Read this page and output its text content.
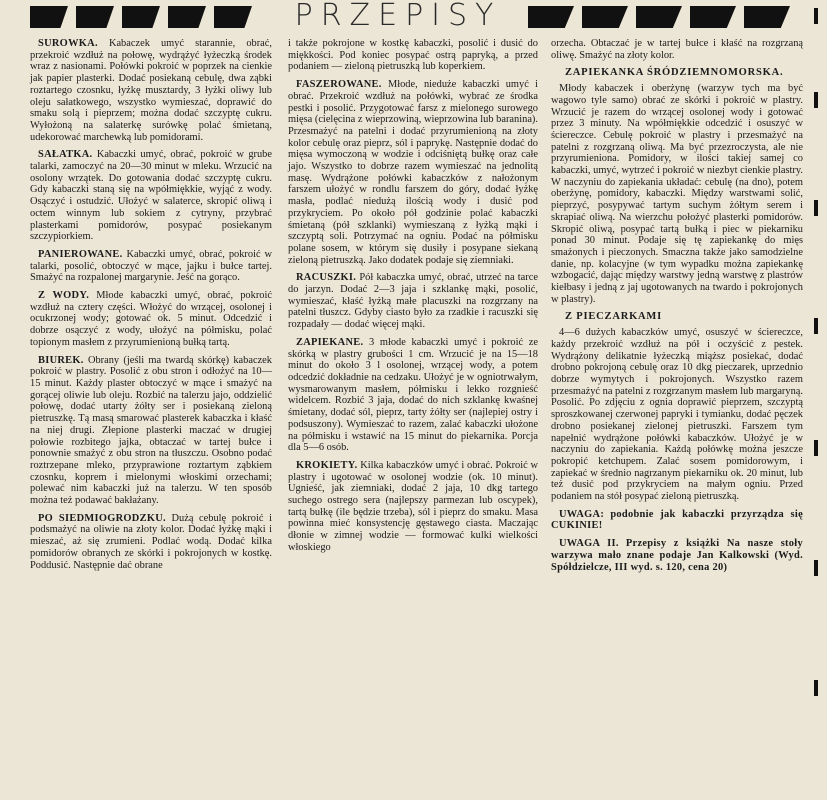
PRZEPISY

SUROWKA. Kabaczek umyć starannie, obrać, przekroić wzdłuż na połowę, wydrążyć łyżeczką środek wraz z nasionami. Połówki pokroić w poprzek na cienkie jak papier plasterki. Dodać posiekaną cebulę, dwa ząbki roztartego czosnku, łyżkę musztardy, 3 łyżki oliwy lub oleju sałatkowego, wszystko wymieszać, doprawić do smaku solą i pieprzem; można dodać szczyptę cukru. Wyłożoną na salaterkę surówkę polać śmietaną, udekorować marchewką lub pomidorami.

SAŁATKA. Kabaczki umyć, obrać, pokroić w grube talarki, zamoczyć na 20—30 minut w mleku. Wrzucić na osolony wrzątek. Do gotowania dodać szczyptę cukru. Gdy kabaczki staną się na wpółmiękkie, wyjąć z wody. Osączyć i ostudzić. Ułożyć w salaterce, skropić oliwą i octem winnym lub sokiem z cytryny, przybrać plasterkami pomidorów, posypać posiekanym szczypiorkiem.

PANIEROWANE. Kabaczki umyć, obrać, pokroić w talarki, posolić, obtoczyć w mące, jajku i bułce tartej. Smażyć na rozpalonej margarynie. Jeść na gorąco.

Z WODY. Młode kabaczki umyć, obrać, pokroić wzdłuż na cztery części. Włożyć do wrzącej, osolonej i ocukrzonej wody; gotować ok. 5 minut. Odcedzić i dobrze osączyć z wody, ułożyć na półmisku, polać topionym masłem z przyrumienioną bułką tartą.

BIUREK. Obrany (jeśli ma twardą skórkę) kabaczek pokroić w plastry. Posolić z obu stron i odłożyć na 10—15 minut. Każdy plaster obtoczyć w mące i smażyć na gorącej oliwie lub oleju. Rozbić na talerzu jajo, oddzielić połowę, dodać utarty żółty ser i posiekaną zieloną pietruszkę. Tą masą smarować plasterek kabaczka i kłaść na niej drugi. Złepione plasterki maczać w drugiej połowie rozbitego jajka, obtaczać w tartej bułce i ponownie smażyć z obu stron na tłuszczu. Osobno podać roztrzepane mleko, przyprawione roztartym ząbkiem czosnku, koprem i mielonymi włoskimi orzechami; polewać nim kabaczki już na talerzu. W ten sposób można też podawać bakłażany.

PO SIEDMIOGRODZKU. Dużą cebulę pokroić i podsmażyć na oliwie na złoty kolor. Dodać łyżkę mąki i mieszać, aż się zrumieni. Podlać wodą. Dodać kilka pomidorów obranych ze skórki i pokrojonych w kostkę. Poddusić. Następnie dać obrane

i także pokrojone w kostkę kabaczki, posolić i dusić do miękkości. Pod koniec posypać ostrą papryką, a przed podaniem — zieloną pietruszką lub koperkiem.

FASZEROWANE. Młode, nieduże kabaczki umyć i obrać. Przekroić wzdłuż na połówki, wybrać ze środka pestki i posolić. Przygotować farsz z mielonego surowego mięsa (cielęcina z wieprzowiną, wieprzowina lub baranina). Przesmażyć na patelni i dodać przyrumienioną na złoty kolor cebulę oraz pieprz, sól i paprykę. Następnie dodać do mięsa wymoczoną w wodzie i odciśniętą bułkę oraz całe jajo. Wszystko to dobrze razem wymieszać na jednolitą masę. Wydrążone połówki kabaczków z nałożonym farszem ułożyć w rondlu farszem do góry, dodać łyżkę masła, podlać niedużą ilością wody i dusić pod przykryciem. Po około pół godzinie polać kabaczki śmietaną (pół szklanki) wymieszaną z łyżką mąki i szczyptą soli. Potrzymać na ogniu. Podać na półmisku polane sosem, w którym się dusiły i posypane siekaną zieloną pietruszką. Jako dodatek podaje się ziemniaki.

RACUSZKI. Pół kabaczka umyć, obrać, utrzeć na tarce do jarzyn. Dodać 2—3 jaja i szklankę mąki, posolić, wymieszać, kłaść łyżką małe placuszki na rozgrzany na patelni tłuszcz. Gdyby ciasto było za rzadkie i racuszki się rozpadały — dodać więcej mąki.

ZAPIEKANE. 3 młode kabaczki umyć i pokroić ze skórką w plastry grubości 1 cm. Wrzucić je na 15—18 minut do około 3 l osolonej, wrzącej wody, a potem odcedzić dokładnie na cedzaku. Ułożyć je w ogniotrwałym, wysmarowanym masłem, półmisku i lekko rozgnieść widelcem. Rozbić 3 jaja, dodać do nich szklankę kwaśnej śmietany, dodać sól, pieprz, tarty żółty ser (najlepiej ostry i podsuszony). Wymieszać to razem, zalać kabaczki ułożone na półmisku i wstawić na 15 minut do piekarnika. Porcja dla 5—6 osób.

KROKIETY. Kilka kabaczków umyć i obrać. Pokroić w plastry i ugotować w osolonej wodzie (ok. 10 minut). Ugnieść, jak ziemniaki, dodać 2 jaja, 10 dkg tartego suchego ostrego sera (najlepszy parmezan lub oscypek), tartą bułkę (ile będzie trzeba), sól i pieprz do smaku. Masa powinna mieć konsystencję gęstawego ciasta. Maczając dłonie w zimnej wodzie — formować kulki wielkości włoskiego

orzecha. Obtaczać je w tartej bułce i kłaść na rozgrzaną oliwę. Smażyć na złoty kolor.

ZAPIEKANKA ŚRÓDZIEMNOMORSKA.

Młody kabaczek i oberżynę (warzyw tych ma być wagowo tyle samo) obrać ze skórki i pokroić w plastry. Wrzucić je razem do wrzącej osolonej wody i gotować przez 3 minuty. Na wpółmiękkie odcedzić i osuszyć w ściereczce. Cebulę pokroić w plastry i przesmażyć na patelni z rozgrzaną oliwą. Ma być przezroczysta, ale nie przyrumieniona. Pomidory, w ilości takiej samej co kabaczki, umyć, wytrzeć i pokroić w niezbyt cienkie plastry. W naczyniu do zapiekania układać: cebulę (na dno), potem oberżynę, pomidory, kabaczki. Między warstwami solić, pieprzyć, posypywać tartym suchym żółtym serem i skrapiać oliwą. Na wierzchu położyć plasterki pomidorów. Skropić oliwą, posypać tartą bułką i piec w piekarniku ponad 30 minut. Podaje się tę zapiekankę do mięs smażonych i pieczonych. Smaczna także jako samodzielne danie, np. kolacyjne (w tym wypadku można zapiekankę wzbogacić, dając między warstwy jedną warstwę z plastrów kiełbasy i jedną z jaj ugotowanych na twardo i pokrojonych w plastry).

Z PIECZARKAMI

4—6 dużych kabaczków umyć, osuszyć w ściereczce, każdy przekroić wzdłuż na pół i oczyścić z pestek. Wydrążony delikatnie łyżeczką miąższ posiekać, dodać drobno pokrojoną cebulę oraz 10 dkg pieczarek, uprzednio dobrze wymytych i pokrojonych. Wszystko razem przesmażyć na patelni z rozgrzanym masłem lub margaryną. Posolić. Po zdjęciu z ognia doprawić pieprzem, szczyptą sproszkowanej czerwonej papryki i tymianku, dodać pęczek drobno posiekanej zielonej pietruszki. Farszem tym napełnić wydrążone połówki kabaczków. Ułożyć je w naczyniu do zapiekania. Każdą połówkę można jeszcze pokropić ketchupem. Zalać sosem pomidorowym, i zapiekać w średnio nagrzanym piekarniku ok. 20 minut, lub też dusić pod przykryciem na małym ogniu. Przed podaniem na stół posypać zieloną pietruszką.

UWAGA: podobnie jak kabaczki przyrządza się CUKINIE!

UWAGA II. Przepisy z książki Na nasze stoły warzywa mało znane podaje Jan Kalkowski (Wyd. Spółdzielcze, III wyd. s. 120, cena 20)
